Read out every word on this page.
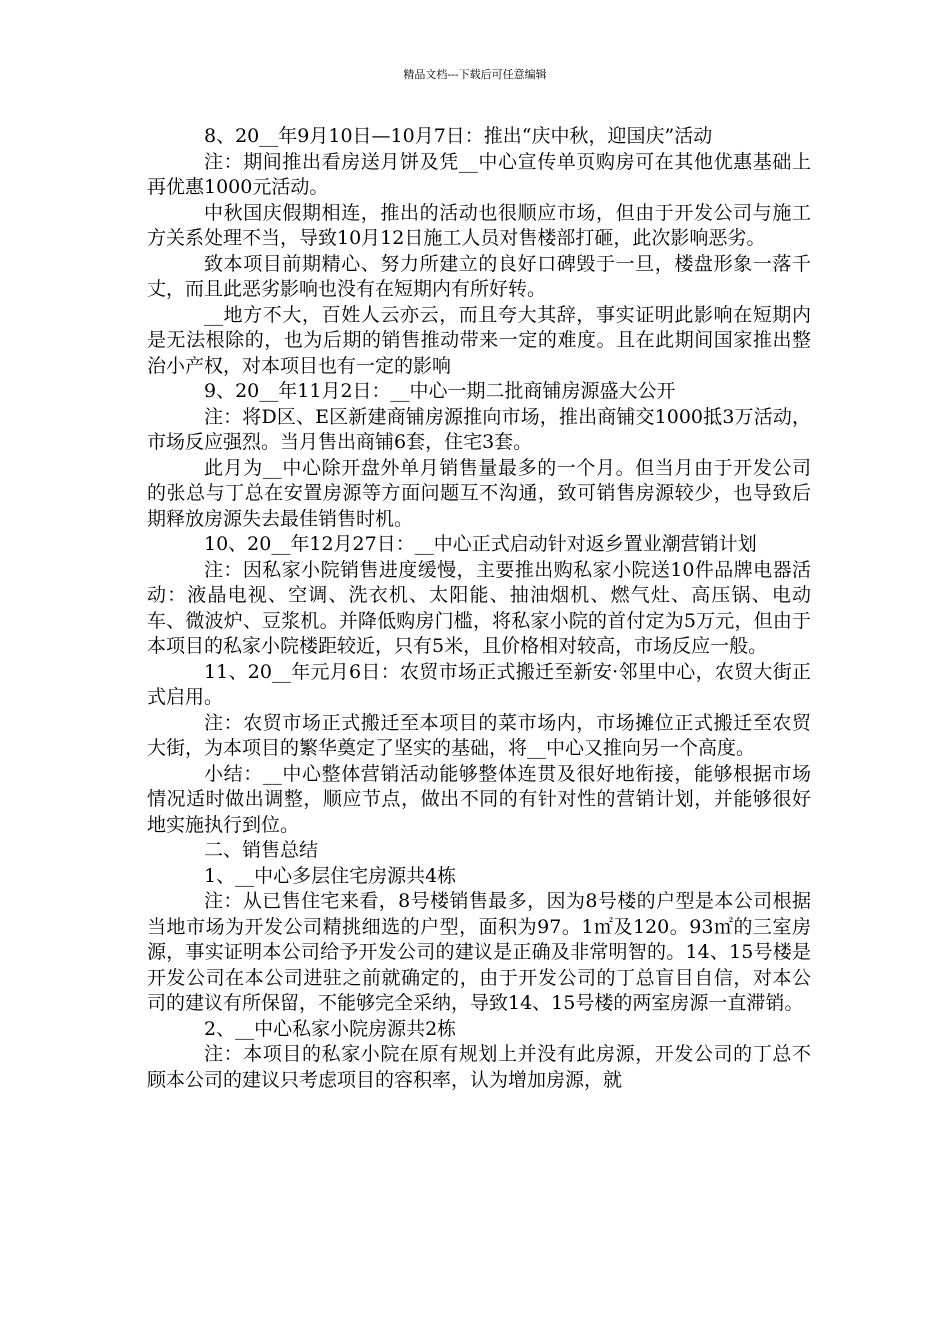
精品文档---下载后可任意编辑

8、20__年9月10日—10月7日：推出“庆中秋，迎国庆”活动

注：期间推出看房送月饼及凭__中心宣传单页购房可在其他优惠基础上再优惠1000元活动。

中秋国庆假期相连，推出的活动也很顺应市场，但由于开发公司与施工方关系处理不当，导致10月12日施工人员对售楼部打砸，此次影响恶劣。

致本项目前期精心、努力所建立的良好口碑毁于一旦，楼盘形象一落千丈，而且此恶劣影响也没有在短期内有所好转。

__地方不大，百姓人云亦云，而且夸大其辞，事实证明此影响在短期内是无法根除的，也为后期的销售推动带来一定的难度。且在此期间国家推出整治小产权，对本项目也有一定的影响

9、20__年11月2日：__中心一期二批商铺房源盛大公开

注：将D区、E区新建商铺房源推向市场，推出商铺交1000抵3万活动，市场反应强烈。当月售出商铺6套，住宅3套。

此月为__中心除开盘外单月销售量最多的一个月。但当月由于开发公司的张总与丁总在安置房源等方面问题互不沟通，致可销售房源较少，也导致后期释放房源失去最佳销售时机。

10、20__年12月27日：__中心正式启动针对返乡置业潮营销计划

注：因私家小院销售进度缓慢，主要推出购私家小院送10件品牌电器活动：液晶电视、空调、洗衣机、太阳能、抽油烟机、燃气灶、高压锅、电动车、微波炉、豆浆机。并降低购房门槛，将私家小院的首付定为5万元，但由于本项目的私家小院楼距较近，只有5米，且价格相对较高，市场反应一般。

11、20__年元月6日：农贸市场正式搬迁至新安·邻里中心，农贸大街正式启用。

注：农贸市场正式搬迁至本项目的菜市场内，市场摊位正式搬迁至农贸大街，为本项目的繁华奠定了坚实的基础，将__中心又推向另一个高度。

小结：__中心整体营销活动能够整体连贯及很好地衔接，能够根据市场情况适时做出调整，顺应节点，做出不同的有针对性的营销计划，并能够很好地实施执行到位。

二、销售总结

1、__中心多层住宅房源共4栋

注：从已售住宅来看，8号楼销售最多，因为8号楼的户型是本公司根据当地市场为开发公司精挑细选的户型，面积为97。1㎡及120。93㎡的三室房源，事实证明本公司给予开发公司的建议是正确及非常明智的。14、15号楼是开发公司在本公司进驻之前就确定的，由于开发公司的丁总盲目自信，对本公司的建议有所保留，不能够完全采纳，导致14、15号楼的两室房源一直滞销。

2、__中心私家小院房源共2栋

注：本项目的私家小院在原有规划上并没有此房源，开发公司的丁总不顾本公司的建议只考虑项目的容积率，认为增加房源，就
